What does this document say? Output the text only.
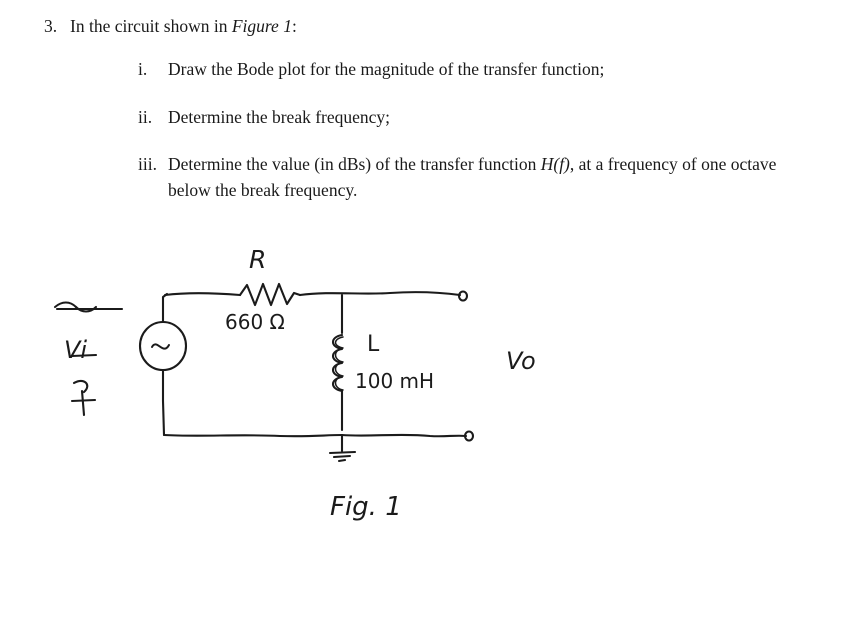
3. In the circuit shown in Figure 1:
i.	Draw the Bode plot for the magnitude of the transfer function;
ii. Determine the break frequency;
iii. Determine the value (in dBs) of the transfer function H(f), at a frequency of one octave below the break frequency.
R
660 Ω
L
100 mH
Vi	Vo
Fig. 1
